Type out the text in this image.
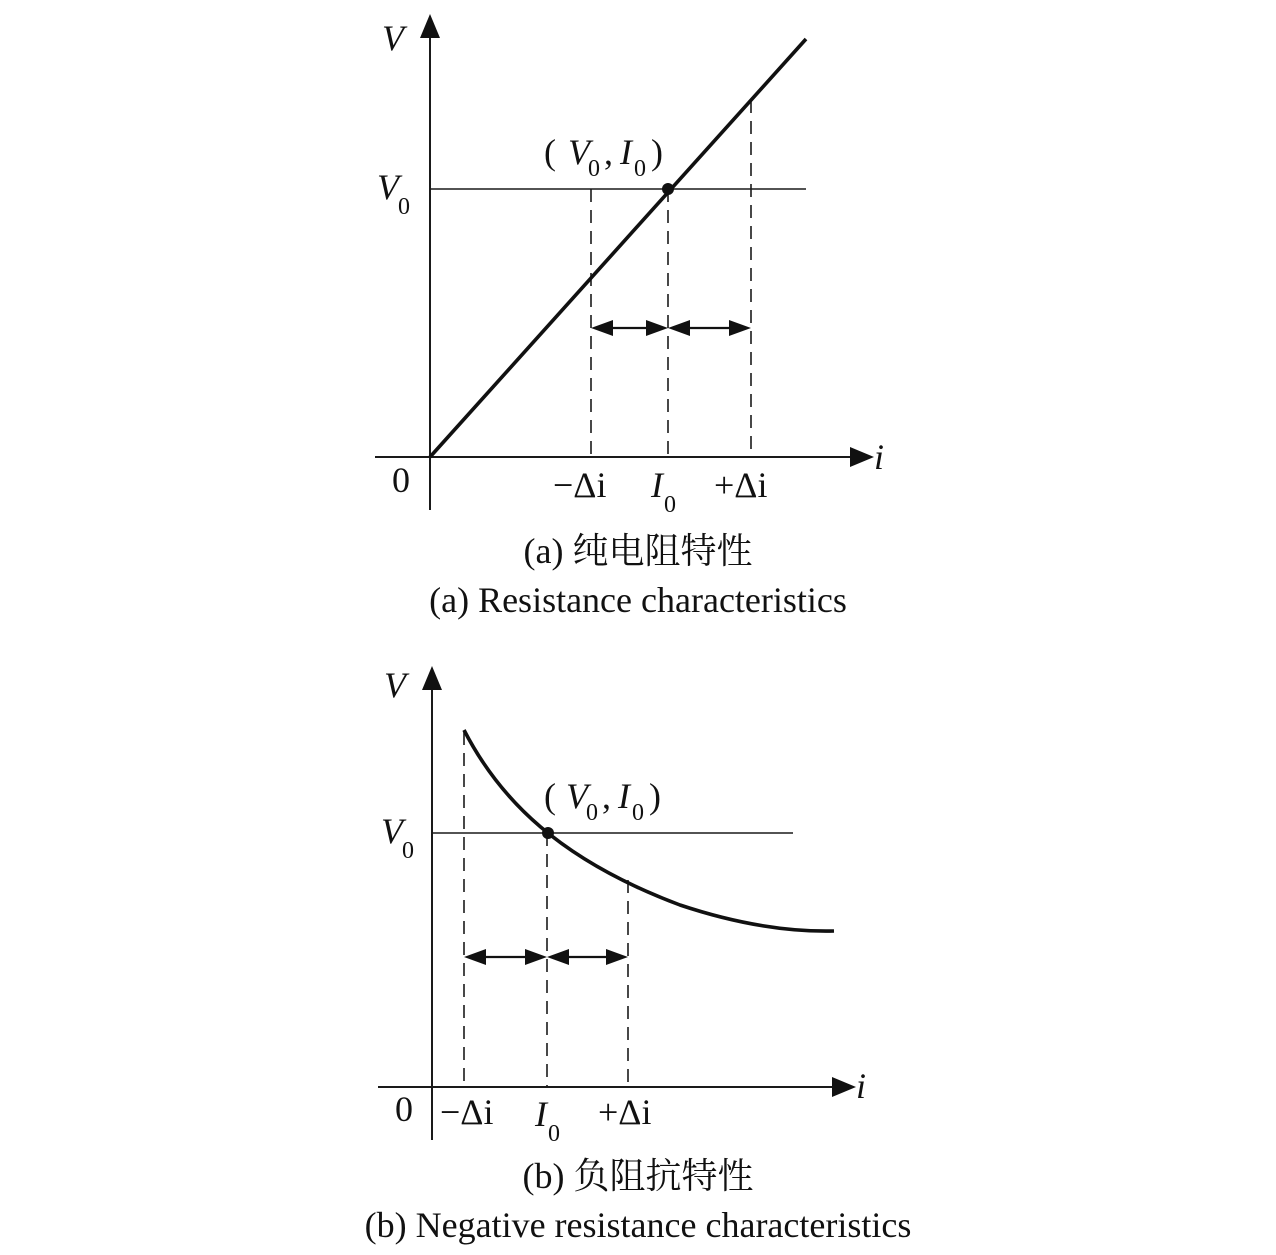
V
i
0
V 0
( V
0 , I 0 )
−Δi I 0 +Δi
(a) 纯电阻特性
(a) Resistance characteristics
V
i
0
V 0
( V
0 , I 0 )
−Δi I 0
+Δi
(b) 负阻抗特性
(b) Negative resistance characteristics
